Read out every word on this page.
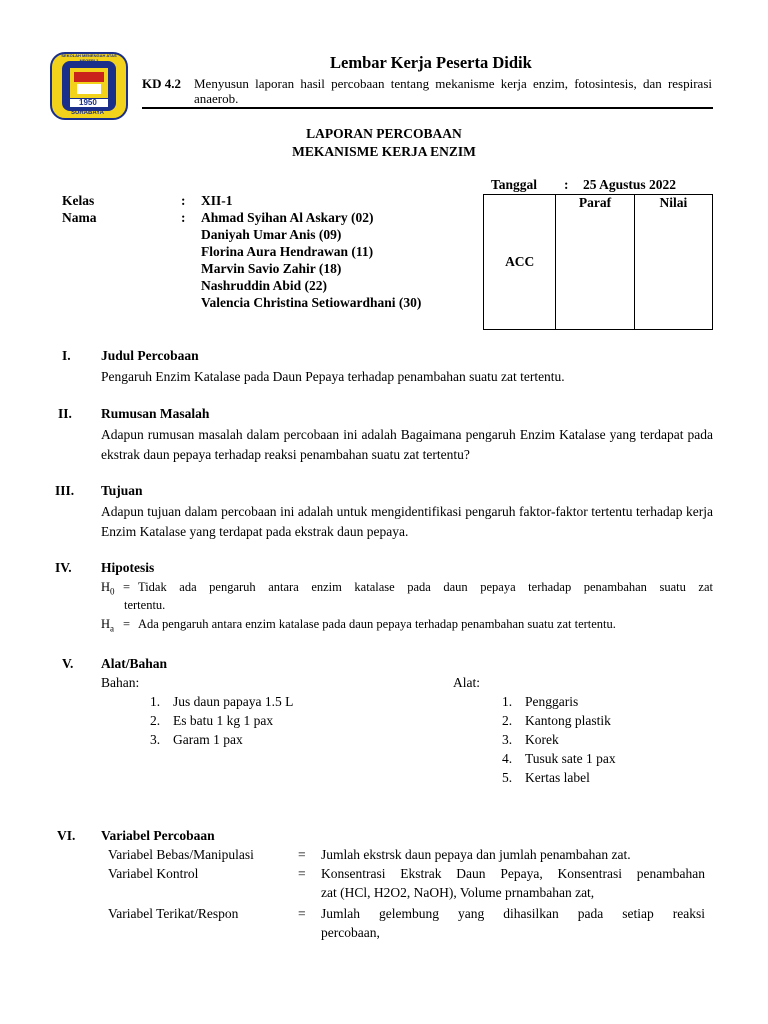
1950
SURABAYA
SEKOLAH MENENGAH ATAS NEGERI 2	Lembar Kerja Peserta Didik
KD 4.2 Menyusun laporan hasil percobaan tentang mekanisme kerja enzim, fotosintesis, dan respirasi anaerob.
LAPORAN PERCOBAAN
MEKANISME KERJA ENZIM
Tanggal : 25 Agustus 2022
Kelas	: XII-1
Nama	: Ahmad Syihan Al Askary (02)
Daniyah Umar Anis (09)
Florina Aura Hendrawan (11)
Marvin Savio Zahir (18)
Nashruddin Abid (22)
Valencia Christina Setiowardhani (30)
ACC	Paraf	Nilai

I. Judul Percobaan
Pengaruh Enzim Katalase pada Daun Pepaya terhadap penambahan suatu zat tertentu.
II. Rumusan Masalah
Adapun rumusan masalah dalam percobaan ini adalah Bagaimana pengaruh Enzim Katalase yang terdapat pada ekstrak daun pepaya terhadap reaksi penambahan suatu zat tertentu?
III. Tujuan
Adapun tujuan dalam percobaan ini adalah untuk mengidentifikasi pengaruh faktor-faktor tertentu terhadap kerja Enzim Katalase yang terdapat pada ekstrak daun pepaya.
IV. Hipotesis
$H_0$ = Tidak ada pengaruh antara enzim katalase pada daun pepaya terhadap penambahan suatu zat
tertentu.
$H_a$ = Ada pengaruh antara enzim katalase pada daun pepaya terhadap penambahan suatu zat tertentu.
V. Alat/Bahan
Bahan:	Alat:
1. Jus daun papaya 1.5 L
2. Es batu 1 kg 1 pax
3. Garam 1 pax
1. Penggaris
2. Kantong plastik
3. Korek
4. Tusuk sate 1 pax
5. Kertas label
VI. Variabel Percobaan
Variabel Bebas/Manipulasi	= Jumlah ekstrsk daun pepaya dan jumlah penambahan zat.
Variabel Kontrol	= Konsentrasi Ekstrak Daun Pepaya, Konsentrasi penambahan
zat (HCl, H2O2, NaOH), Volume prnambahan zat,
Variabel Terikat/Respon	= Jumlah gelembung yang dihasilkan pada setiap reaksi
percobaan,
